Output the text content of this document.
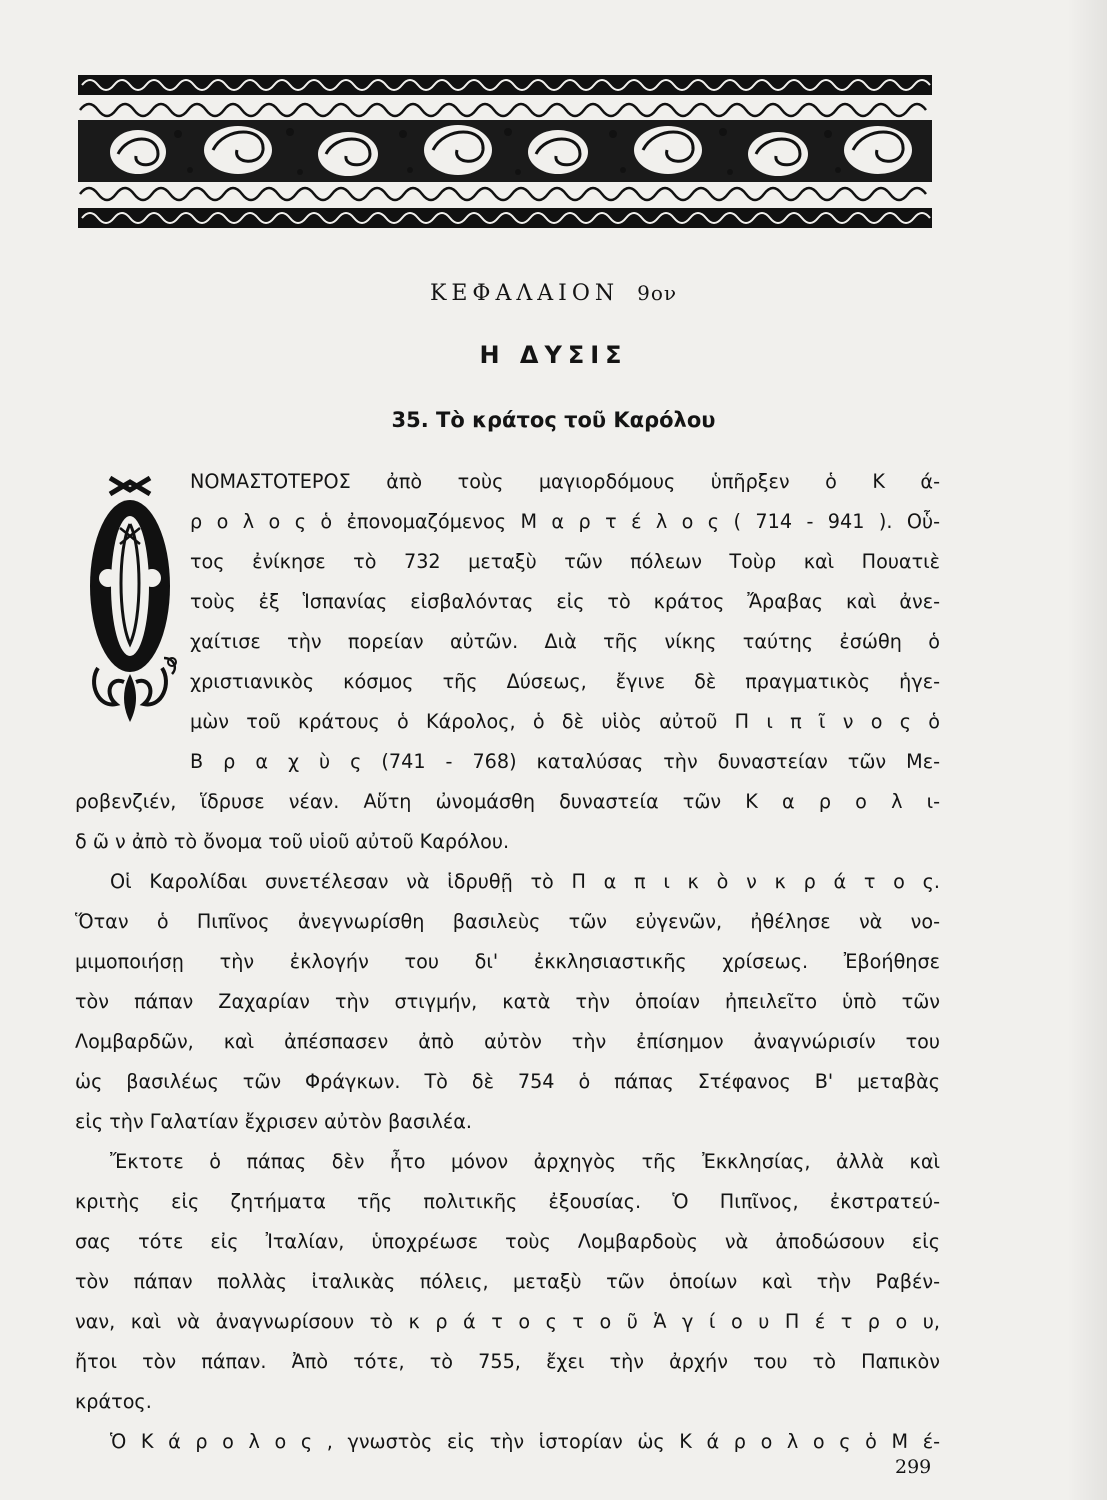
ΚΕΦΑΛΑΙΟΝ 9ον
Η ΔΥΣΙΣ
35. Τὸ κράτος τοῦ Καρόλου
ΝΟΜΑΣΤΟΤΕΡΟΣ ἀπὸ τοὺς μαγιορδόμους ὑπῆρξεν ὁ Κ ά-
ρ ο λ ο ς ὁ ἐπονομαζόμενος Μ α ρ τ έ λ ο ς ( 714 - 941 ). Οὗ-
τος ἐνίκησε τὸ 732 μεταξὺ τῶν πόλεων Τοὺρ καὶ Πουατιὲ
τοὺς ἐξ Ἱσπανίας εἰσβαλόντας εἰς τὸ κράτος Ἄραβας καὶ ἀνε-
χαίτισε τὴν πορείαν αὐτῶν. Διὰ τῆς νίκης ταύτης ἐσώθη ὁ
χριστιανικὸς κόσμος τῆς Δύσεως, ἔγινε δὲ πραγματικὸς ἡγε-
μὼν τοῦ κράτους ὁ Κάρολος, ὁ δὲ υἱὸς αὐτοῦ Π ι π ῖ ν ο ς ὁ
Β ρ α χ ὺ ς (741 - 768) καταλύσας τὴν δυναστείαν τῶν Με-
ροβενζιέν, ἵδρυσε νέαν. Αὕτη ὠνομάσθη δυναστεία τῶν Κ α ρ ο λ ι-
δ ῶ ν ἀπὸ τὸ ὄνομα τοῦ υἱοῦ αὐτοῦ Καρόλου.
Οἱ Καρολίδαι συνετέλεσαν νὰ ἱδρυθῇ τὸ Π α π ι κ ὸ ν κ ρ ά τ ο ς.
Ὅταν ὁ Πιπῖνος ἀνεγνωρίσθη βασιλεὺς τῶν εὐγενῶν, ἠθέλησε νὰ νο-
μιμοποιήσῃ τὴν ἐκλογήν του δι' ἐκκλησιαστικῆς χρίσεως. Ἐβοήθησε
τὸν πάπαν Ζαχαρίαν τὴν στιγμήν, κατὰ τὴν ὁποίαν ἠπειλεῖτο ὑπὸ τῶν
Λομβαρδῶν, καὶ ἀπέσπασεν ἀπὸ αὐτὸν τὴν ἐπίσημον ἀναγνώρισίν του
ὡς βασιλέως τῶν Φράγκων. Τὸ δὲ 754 ὁ πάπας Στέφανος Β' μεταβὰς
εἰς τὴν Γαλατίαν ἔχρισεν αὐτὸν βασιλέα.
Ἔκτοτε ὁ πάπας δὲν ἦτο μόνον ἀρχηγὸς τῆς Ἐκκλησίας, ἀλλὰ καὶ
κριτὴς εἰς ζητήματα τῆς πολιτικῆς ἐξουσίας. Ὁ Πιπῖνος, ἐκστρατεύ-
σας τότε εἰς Ἰταλίαν, ὑποχρέωσε τοὺς Λομβαρδοὺς νὰ ἀποδώσουν εἰς
τὸν πάπαν πολλὰς ἰταλικὰς πόλεις, μεταξὺ τῶν ὁποίων καὶ τὴν Ραβέν-
ναν, καὶ νὰ ἀναγνωρίσουν τὸ κ ρ ά τ ο ς τ ο ῦ Ἁ γ ί ο υ Π έ τ ρ ο υ,
ἤτοι τὸν πάπαν. Ἀπὸ τότε, τὸ 755, ἔχει τὴν ἀρχήν του τὸ Παπικὸν
κράτος.
Ὁ Κ ά ρ ο λ ο ς , γνωστὸς εἰς τὴν ἱστορίαν ὡς Κ ά ρ ο λ ο ς ὁ Μ έ-
299
